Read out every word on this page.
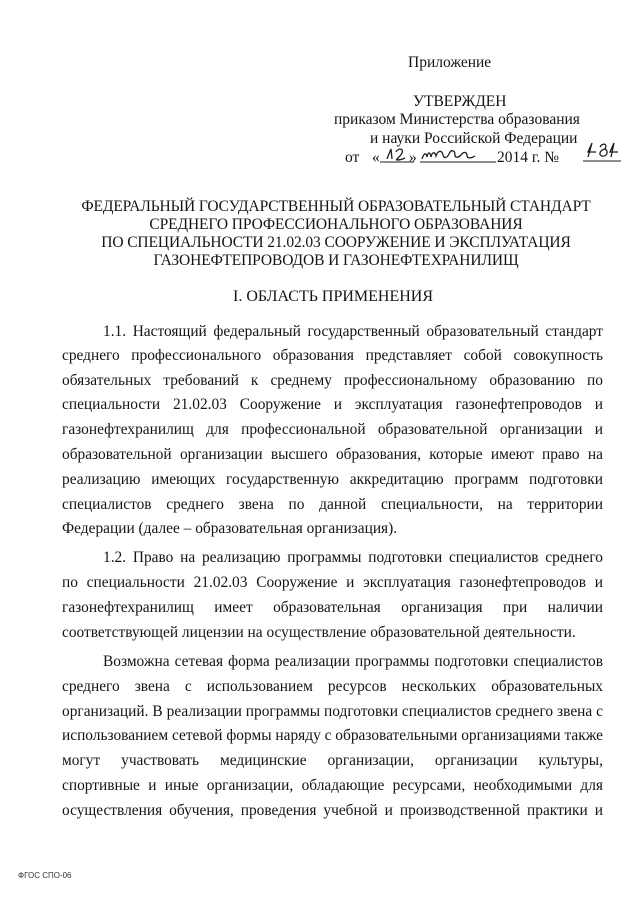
Приложение
УТВЕРЖДЕН
приказом Министерства образования
и науки Российской Федерации
от « »	2014 г. №
ФЕДЕРАЛЬНЫЙ ГОСУДАРСТВЕННЫЙ ОБРАЗОВАТЕЛЬНЫЙ СТАНДАРТ
СРЕДНЕГО ПРОФЕССИОНАЛЬНОГО ОБРАЗОВАНИЯ
ПО СПЕЦИАЛЬНОСТИ 21.02.03 СООРУЖЕНИЕ И ЭКСПЛУАТАЦИЯ
ГАЗОНЕФТЕПРОВОДОВ И ГАЗОНЕФТЕХРАНИЛИЩ
I. ОБЛАСТЬ ПРИМЕНЕНИЯ
1.1. Настоящий федеральный государственный образовательный стандарт
среднего профессионального образования представляет собой совокупность
обязательных требований к среднему профессиональному образованию по
специальности 21.02.03 Сооружение и эксплуатация газонефтепроводов и
газонефтехранилищ для профессиональной образовательной организации и
образовательной организации высшего образования, которые имеют право на
реализацию имеющих государственную аккредитацию программ подготовки
специалистов среднего звена по данной специальности, на территории
Федерации (далее – образовательная организация).
1.2. Право на реализацию программы подготовки специалистов среднего
по специальности 21.02.03 Сооружение и эксплуатация газонефтепроводов и
газонефтехранилищ имеет образовательная организация при наличии
соответствующей лицензии на осуществление образовательной деятельности.
Возможна сетевая форма реализации программы подготовки специалистов
среднего звена с использованием ресурсов нескольких образовательных
организаций. В реализации программы подготовки специалистов среднего звена с
использованием сетевой формы наряду с образовательными организациями также
могут участвовать медицинские организации, организации культуры,
спортивные и иные организации, обладающие ресурсами, необходимыми для
осуществления обучения, проведения учебной и производственной практики и
ФГОС СПО-06
